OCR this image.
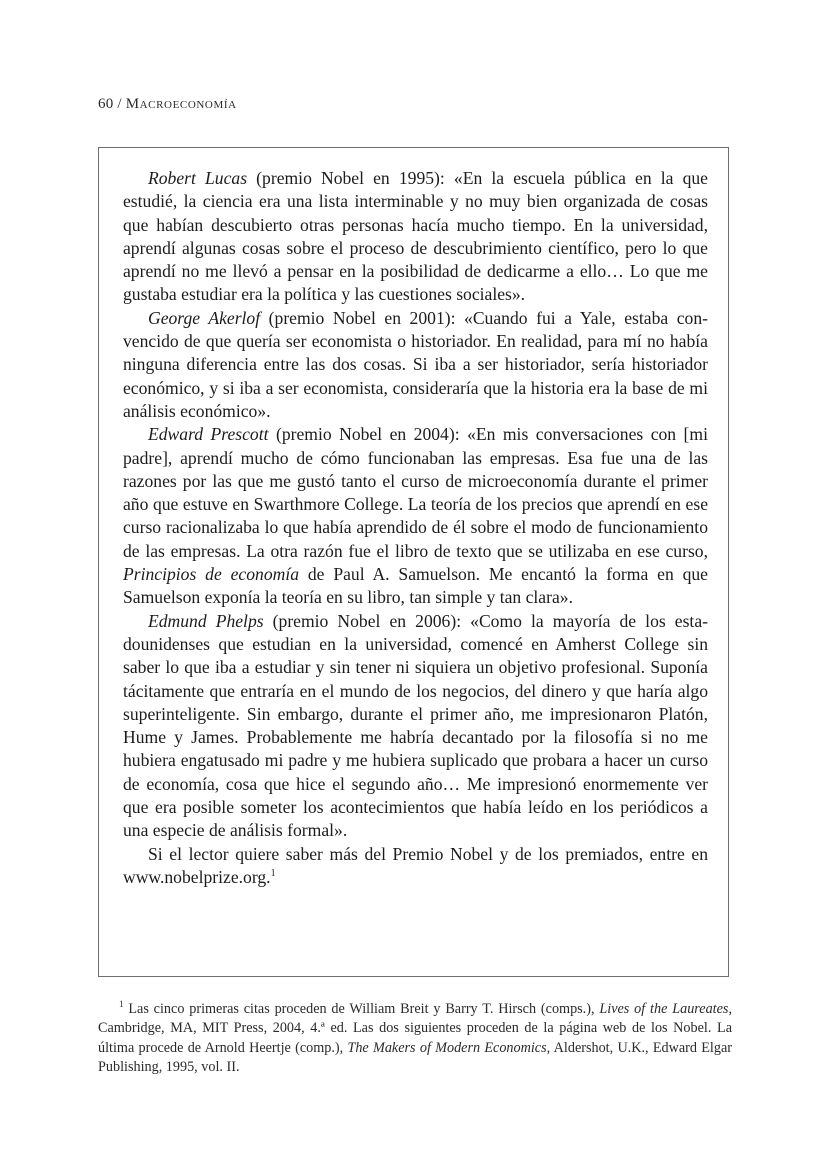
60 / Macroeconomía

Robert Lucas (premio Nobel en 1995): «En la escuela pública en la que estudié, la ciencia era una lista interminable y no muy bien organizada de cosas que habían descubierto otras personas hacía mucho tiempo. En la universidad, aprendí algunas cosas sobre el proceso de descubrimiento científico, pero lo que aprendí no me llevó a pensar en la posibilidad de dedicarme a ello… Lo que me gustaba estudiar era la política y las cuestiones sociales».

George Akerlof (premio Nobel en 2001): «Cuando fui a Yale, estaba convencido de que quería ser economista o historiador. En realidad, para mí no había ninguna diferencia entre las dos cosas. Si iba a ser historiador, sería historiador económico, y si iba a ser economista, consideraría que la historia era la base de mi análisis económico».

Edward Prescott (premio Nobel en 2004): «En mis conversaciones con [mi padre], aprendí mucho de cómo funcionaban las empresas. Esa fue una de las razones por las que me gustó tanto el curso de microeconomía durante el primer año que estuve en Swarthmore College. La teoría de los precios que aprendí en ese curso racionalizaba lo que había aprendido de él sobre el modo de funcionamiento de las empresas. La otra razón fue el libro de texto que se utilizaba en ese curso, Principios de economía de Paul A. Samuelson. Me encantó la forma en que Samuelson exponía la teoría en su libro, tan simple y tan clara».

Edmund Phelps (premio Nobel en 2006): «Como la mayoría de los estadounidenses que estudian en la universidad, comencé en Amherst College sin saber lo que iba a estudiar y sin tener ni siquiera un objetivo profesional. Suponía tácitamente que entraría en el mundo de los negocios, del dinero y que haría algo superinteligente. Sin embargo, durante el primer año, me impresionaron Platón, Hume y James. Probablemente me habría decantado por la filosofía si no me hubiera engatusado mi padre y me hubiera suplicado que probara a hacer un curso de economía, cosa que hice el segundo año… Me impresionó enormemente ver que era posible someter los acontecimientos que había leído en los periódicos a una especie de análisis formal».

Si el lector quiere saber más del Premio Nobel y de los premiados, entre en www.nobelprize.org.$^1$

$^1$ Las cinco primeras citas proceden de William Breit y Barry T. Hirsch (comps.), Lives of the Laureates, Cambridge, MA, MIT Press, 2004, 4.ª ed. Las dos siguientes proceden de la página web de los Nobel. La última procede de Arnold Heertje (comp.), The Makers of Modern Economics, Aldershot, U.K., Edward Elgar Publishing, 1995, vol. II.
